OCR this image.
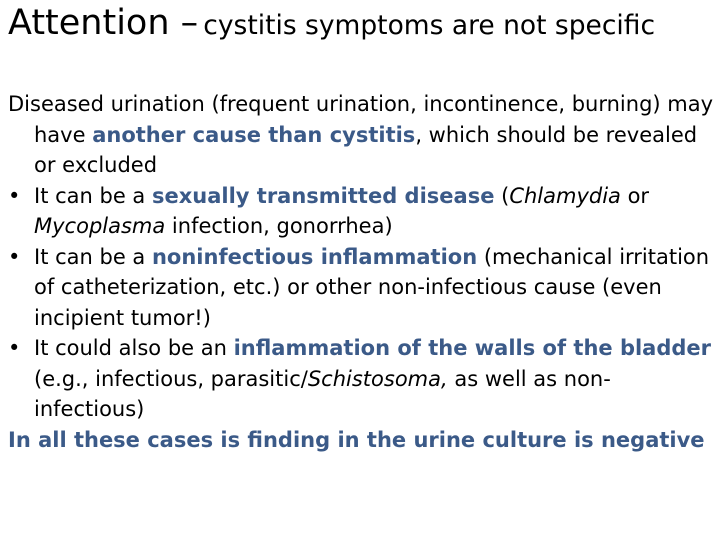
Attention – cystitis symptoms are not specific

Diseased urination (frequent urination, incontinence, burning) may have another cause than cystitis, which should be revealed or excluded

• It can be a sexually transmitted disease (Chlamydia or Mycoplasma infection, gonorrhea)

• It can be a noninfectious inflammation (mechanical irritation of catheterization, etc.) or other non-infectious cause (even incipient tumor!)

• It could also be an inflammation of the walls of the bladder (e.g., infectious, parasitic/Schistosoma, as well as non-infectious)

In all these cases is finding in the urine culture is negative
